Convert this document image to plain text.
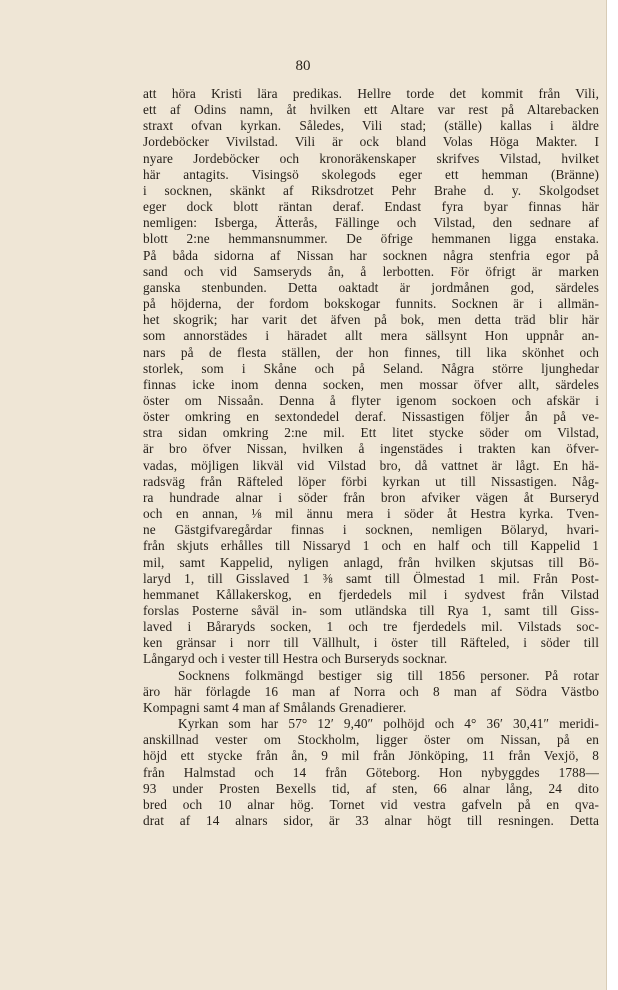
80
att höra Kristi lära predikas. Hellre torde det kommit från Vili,
ett af Odins namn, åt hvilken ett Altare var rest på Altarebacken
straxt ofvan kyrkan. Således, Vili stad; (ställe) kallas i äldre
Jordeböcker Vivilstad. Vili är ock bland Volas Höga Makter. I
nyare Jordeböcker och kronoräkenskaper skrifves Vilstad, hvilket
här antagits. Visingsö skolegods eger ett hemman (Bränne)
i socknen, skänkt af Riksdrotzet Pehr Brahe d. y. Skolgodset
eger dock blott räntan deraf. Endast fyra byar finnas här
nemligen: Isberga, Ätterås, Fällinge och Vilstad, den sednare af
blott 2:ne hemmansnummer. De öfrige hemmanen ligga enstaka.
På båda sidorna af Nissan har socknen några stenfria egor på
sand och vid Samseryds ån, å lerbotten. För öfrigt är marken
ganska stenbunden. Detta oaktadt är jordmånen god, särdeles
på höjderna, der fordom bokskogar funnits. Socknen är i allmän-
het skogrik; har varit det äfven på bok, men detta träd blir här
som annorstädes i häradet allt mera sällsynt Hon uppnår an-
nars på de flesta ställen, der hon finnes, till lika skönhet och
storlek, som i Skåne och på Seland. Några större ljunghedar
finnas icke inom denna socken, men mossar öfver allt, särdeles
öster om Nissaån. Denna å flyter igenom sockoen och afskär i
öster omkring en sextondedel deraf. Nissastigen följer ån på ve-
stra sidan omkring 2:ne mil. Ett litet stycke söder om Vilstad,
är bro öfver Nissan, hvilken å ingenstädes i trakten kan öfver-
vadas, möjligen likväl vid Vilstad bro, då vattnet är lågt. En hä-
radsväg från Räfteled löper förbi kyrkan ut till Nissastigen. Någ-
ra hundrade alnar i söder från bron afviker vägen åt Burseryd
och en annan, ⅛ mil ännu mera i söder åt Hestra kyrka. Tven-
ne Gästgifvaregårdar finnas i socknen, nemligen Bölaryd, hvari-
från skjuts erhålles till Nissaryd 1 och en half och till Kappelid 1
mil, samt Kappelid, nyligen anlagd, från hvilken skjutsas till Bö-
laryd 1, till Gisslaved 1 ⅜ samt till Ölmestad 1 mil. Från Post-
hemmanet Kållakerskog, en fjerdedels mil i sydvest från Vilstad
forslas Posterne såväl in- som utländska till Rya 1, samt till Giss-
laved i Båraryds socken, 1 och tre fjerdedels mil. Vilstads soc-
ken gränsar i norr till Vällhult, i öster till Räfteled, i söder till
Långaryd och i vester till Hestra och Burseryds socknar.
Socknens folkmängd bestiger sig till 1856 personer. På rotar
äro här förlagde 16 man af Norra och 8 man af Södra Västbo
Kompagni samt 4 man af Smålands Grenadierer.
Kyrkan som har 57° 12′ 9,40″ polhöjd och 4° 36′ 30,41″ meridi-
anskillnad vester om Stockholm, ligger öster om Nissan, på en
höjd ett stycke från ån, 9 mil från Jönköping, 11 från Vexjö, 8
från Halmstad och 14 från Göteborg. Hon nybyggdes 1788—
93 under Prosten Bexells tid, af sten, 66 alnar lång, 24 dito
bred och 10 alnar hög. Tornet vid vestra gafveln på en qva-
drat af 14 alnars sidor, är 33 alnar högt till resningen. Detta
